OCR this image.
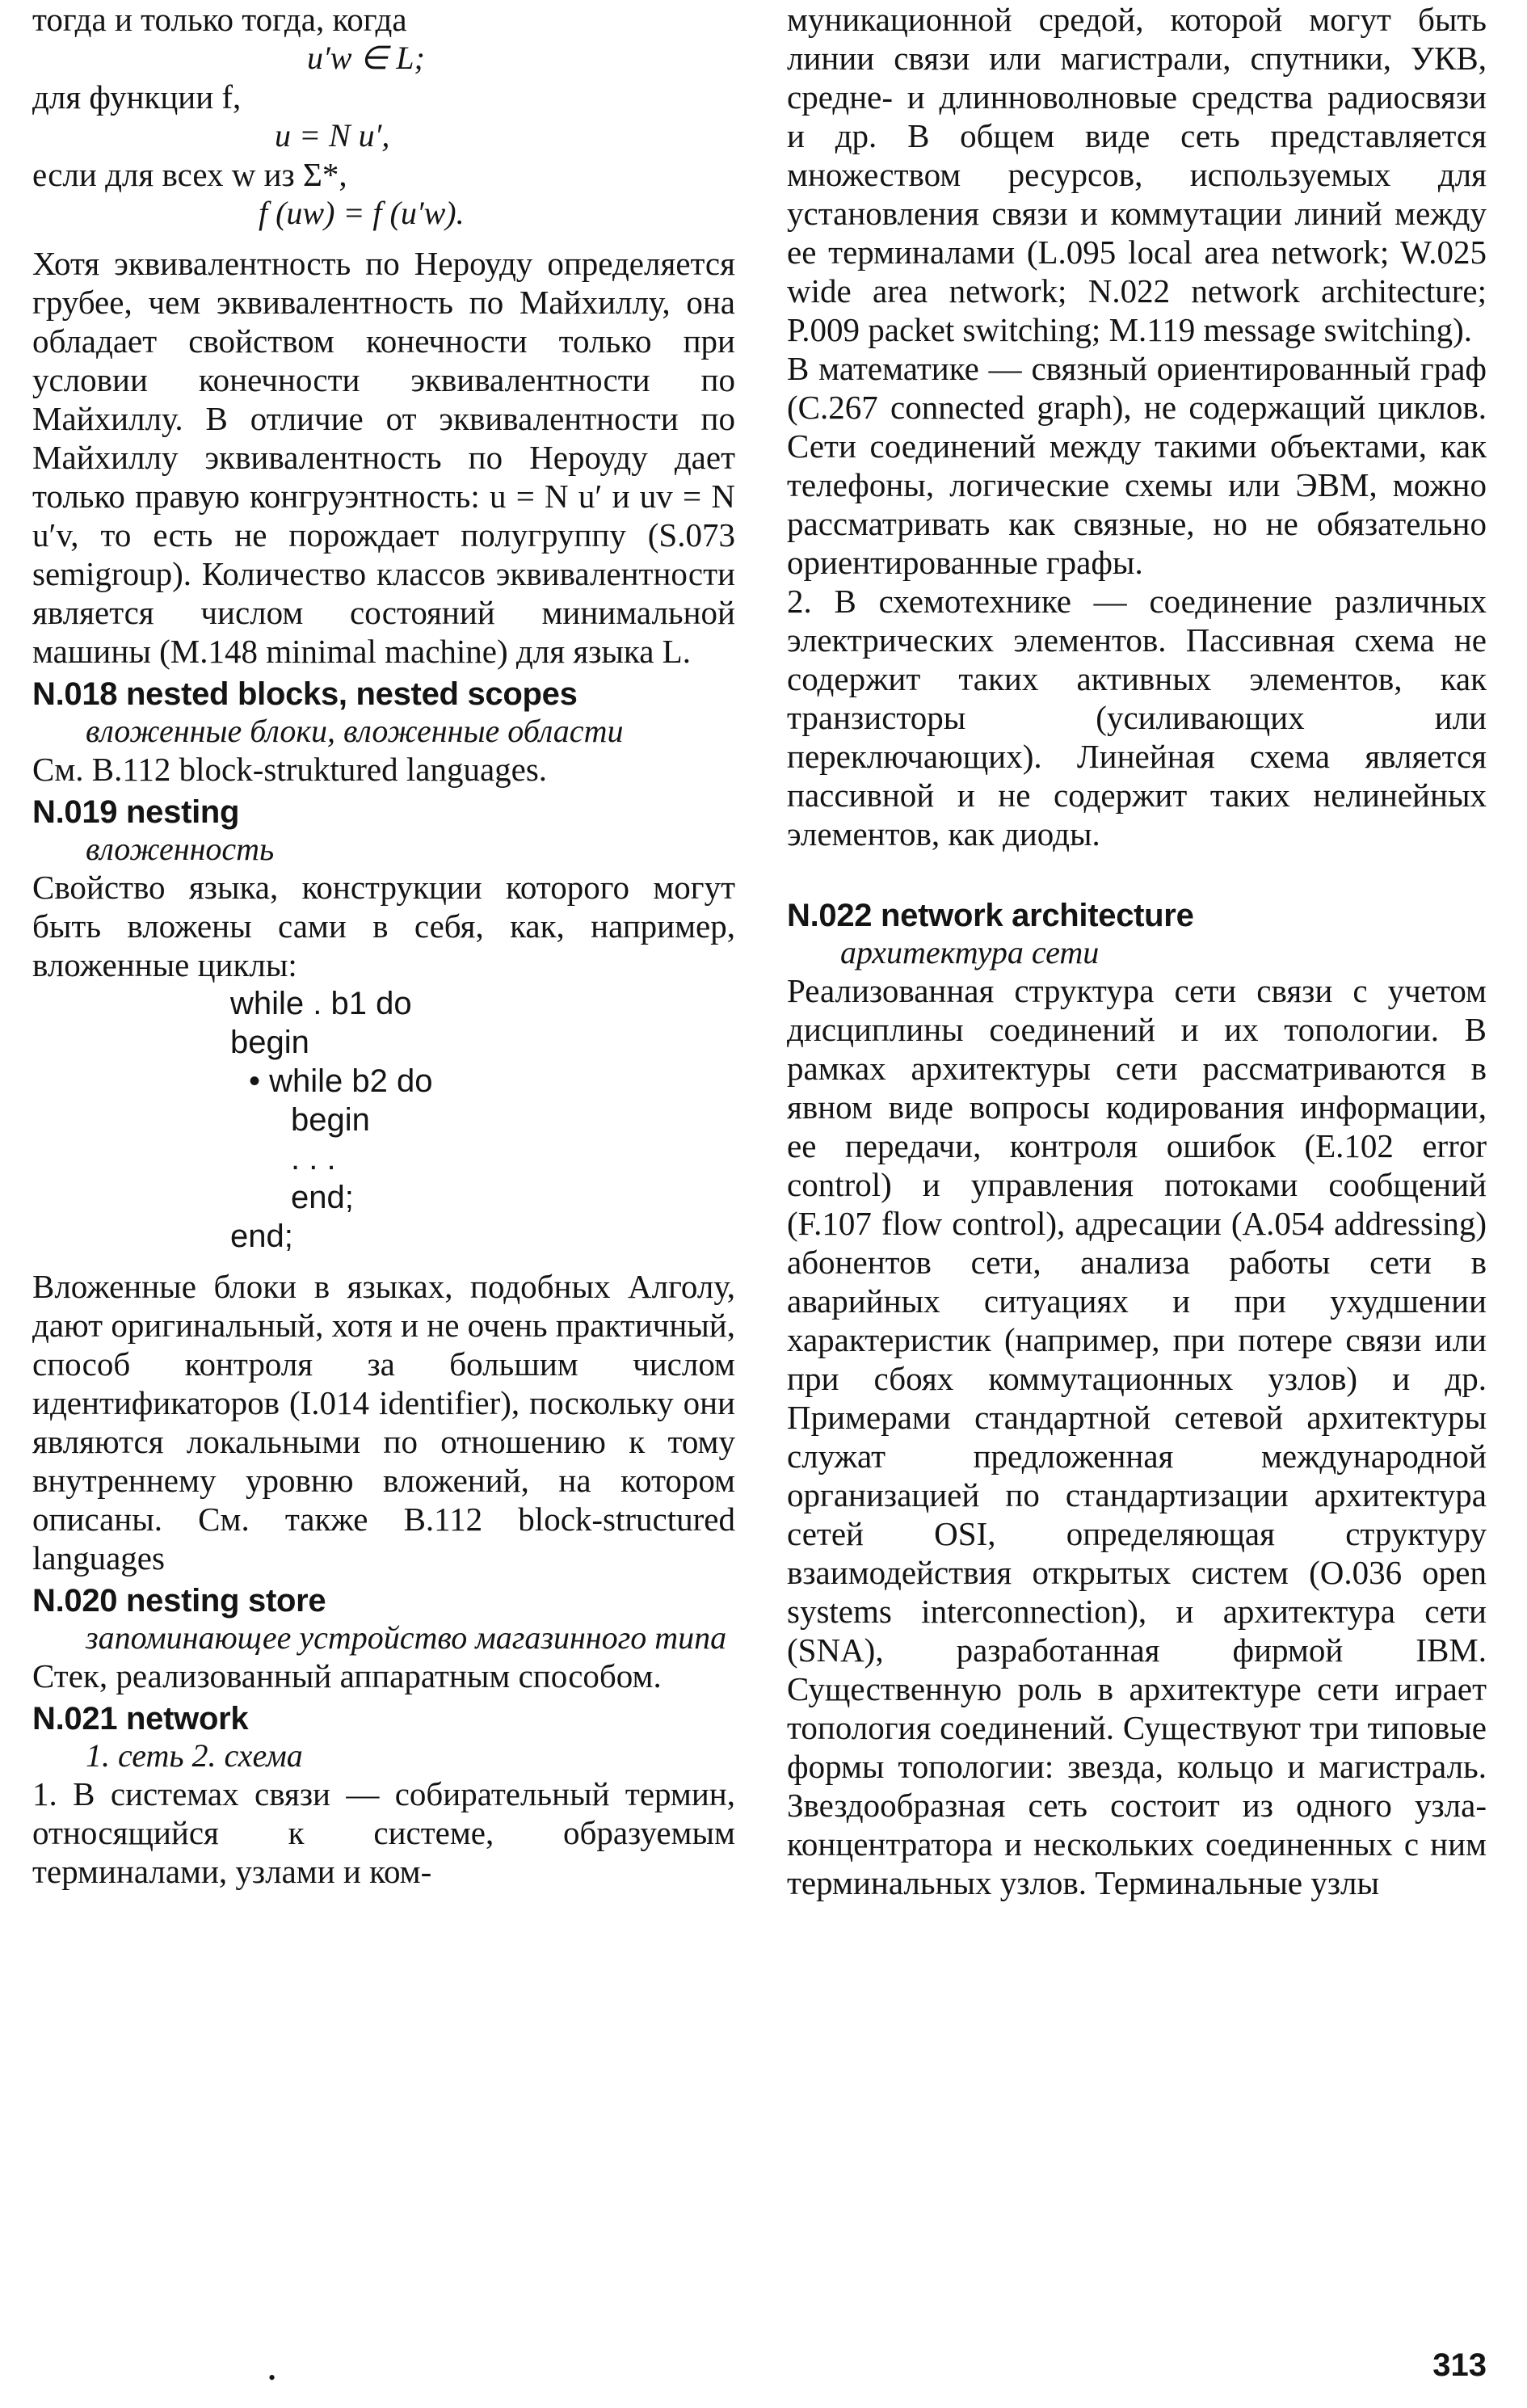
тогда и только тогда, когда
u′w ∈ L;
для функции f,
u = N u′,
если для всех w из Σ*,
f (uw) = f (u′w).

Хотя эквивалентность по Нероуду определяется грубее, чем эквивалентность по Майхиллу, она обладает свойством конечности только при условии конечности эквивалентности по Майхиллу. В отличие от эквивалентности по Майхиллу эквивалентность по Нероуду дает только правую конгруэнтность: u = N u′ и uv = N u′v, то есть не порождает полугруппу (S.073 semigroup). Количество классов эквивалентности является числом состояний минимальной машины (M.148 minimal machine) для языка L.

N.018 nested blocks, nested scopes
вложенные блоки, вложенные области

См. B.112 block-struktured languages.

N.019 nesting
вложенность

Свойство языка, конструкции которого могут быть вложены сами в себя, как, например, вложенные циклы:

while . b1 do
begin
• while b2 do
begin
. . .
end;
end;

Вложенные блоки в языках, подобных Алголу, дают оригинальный, хотя и не очень практичный, способ контроля за большим числом идентификаторов (I.014 identifier), поскольку они являются локальными по отношению к тому внутреннему уровню вложений, на котором описаны. См. также B.112 block-structured languages

N.020 nesting store
запоминающее устройство магазинного типа

Стек, реализованный аппаратным способом.

N.021 network
1. сеть 2. схема

1. В системах связи — собирательный термин, относящийся к системе, образуемым терминалами, узлами и ком-

муникационной средой, которой могут быть линии связи или магистрали, спутники, УКВ, средне- и длинноволновые средства радиосвязи и др. В общем виде сеть представляется множеством ресурсов, используемых для установления связи и коммутации линий между ее терминалами (L.095 local area network; W.025 wide area network; N.022 network architecture; P.009 packet switching; M.119 message switching).

В математике — связный ориентированный граф (C.267 connected graph), не содержащий циклов. Сети соединений между такими объектами, как телефоны, логические схемы или ЭВМ, можно рассматривать как связные, но не обязательно ориентированные графы.

2. В схемотехнике — соединение различных электрических элементов. Пассивная схема не содержит таких активных элементов, как транзисторы (усиливающих или переключающих). Линейная схема является пассивной и не содержит таких нелинейных элементов, как диоды.

N.022 network architecture
архитектура сети

Реализованная структура сети связи с учетом дисциплины соединений и их топологии. В рамках архитектуры сети рассматриваются в явном виде вопросы кодирования информации, ее передачи, контроля ошибок (E.102 error control) и управления потоками сообщений (F.107 flow control), адресации (A.054 addressing) абонентов сети, анализа работы сети в аварийных ситуациях и при ухудшении характеристик (например, при потере связи или при сбоях коммутационных узлов) и др. Примерами стандартной сетевой архитектуры служат предложенная международной организацией по стандартизации архитектура сетей OSI, определяющая структуру взаимодействия открытых систем (O.036 open systems interconnection), и архитектура сети (SNA), разработанная фирмой IBM. Существенную роль в архитектуре сети играет топология соединений. Существуют три типовые формы топологии: звезда, кольцо и магистраль. Звездообразная сеть состоит из одного узла-концентратора и нескольких соединенных с ним терминальных узлов. Терминальные узлы

•	313
